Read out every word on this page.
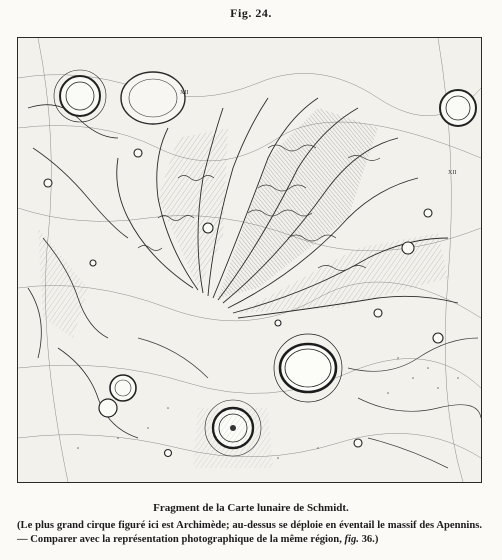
Fig. 24.
XII
XII
Fragment de la Carte lunaire de Schmidt.
(Le plus grand cirque figuré ici est Archimède; au-dessus se déploie en éventail le massif des Apennins. — Comparer avec la représentation photographique de la même région, fig. 36.)
